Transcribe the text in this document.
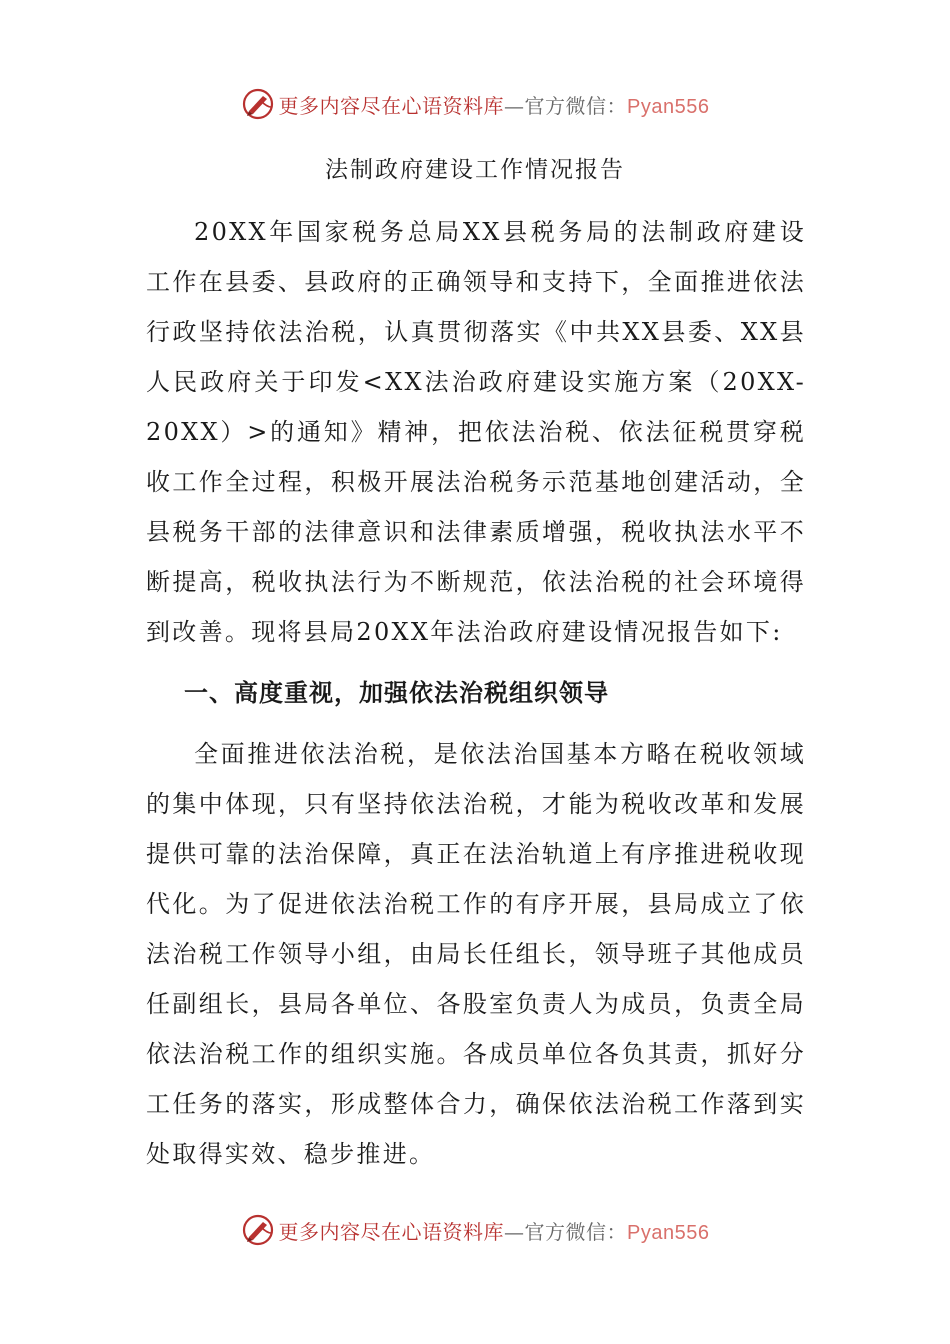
更多内容尽在心语资料库—官方微信：Pyan556
法制政府建设工作情况报告

20XX年国家税务总局XX县税务局的法制政府建设工作在县委、县政府的正确领导和支持下，全面推进依法行政坚持依法治税，认真贯彻落实《中共XX县委、XX县人民政府关于印发<XX法治政府建设实施方案（20XX-20XX）>的通知》精神，把依法治税、依法征税贯穿税收工作全过程，积极开展法治税务示范基地创建活动，全县税务干部的法律意识和法律素质增强，税收执法水平不断提高，税收执法行为不断规范，依法治税的社会环境得到改善。现将县局20XX年法治政府建设情况报告如下:

一、高度重视，加强依法治税组织领导

全面推进依法治税，是依法治国基本方略在税收领域的集中体现，只有坚持依法治税，才能为税收改革和发展提供可靠的法治保障，真正在法治轨道上有序推进税收现代化。为了促进依法治税工作的有序开展，县局成立了依法治税工作领导小组，由局长任组长，领导班子其他成员任副组长，县局各单位、各股室负责人为成员，负责全局依法治税工作的组织实施。各成员单位各负其责，抓好分工任务的落实，形成整体合力，确保依法治税工作落到实处取得实效、稳步推进。

更多内容尽在心语资料库—官方微信：Pyan556
